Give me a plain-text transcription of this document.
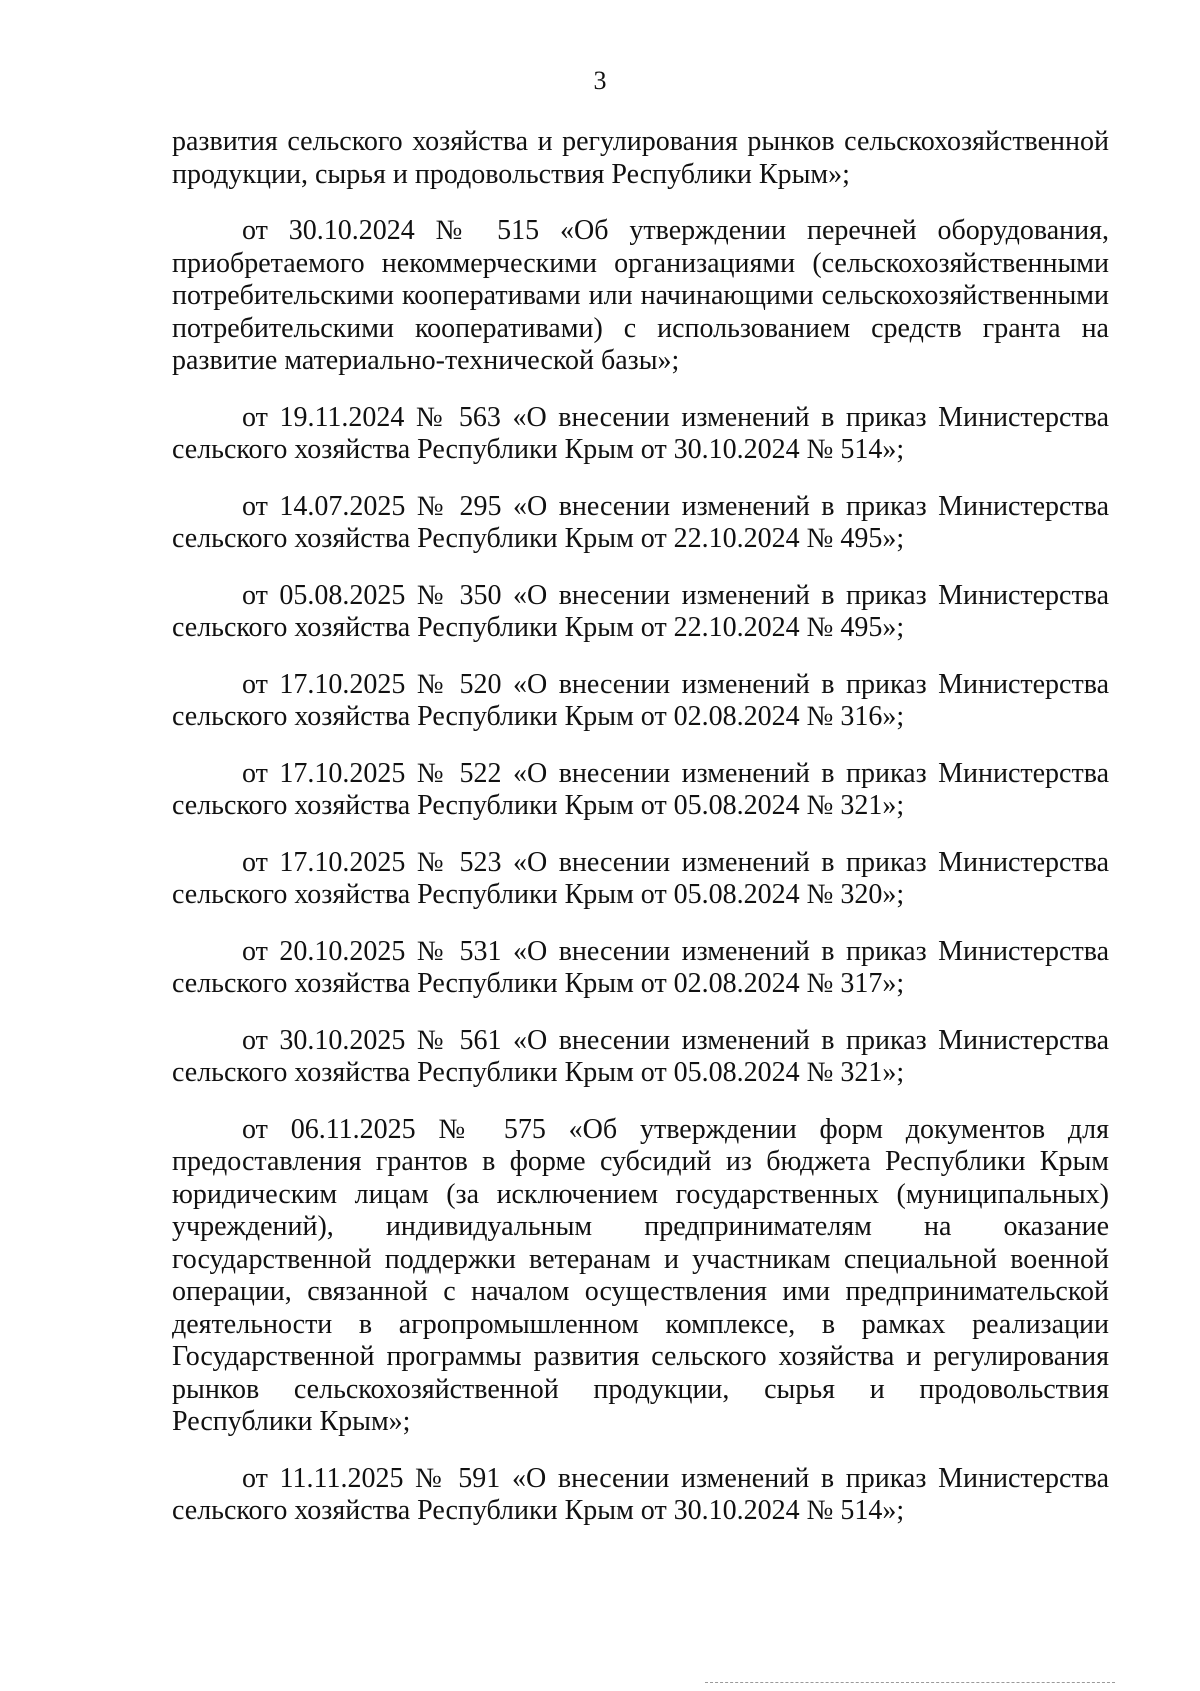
3

развития сельского хозяйства и регулирования рынков сельскохозяйственной продукции, сырья и продовольствия Республики Крым»;

от 30.10.2024 № 515 «Об утверждении перечней оборудования, приобретаемого некоммерческими организациями (сельскохозяйственными потребительскими кооперативами или начинающими сельскохозяйственными потребительскими кооперативами) с использованием средств гранта на развитие материально-технической базы»;

от 19.11.2024 № 563 «О внесении изменений в приказ Министерства сельского хозяйства Республики Крым от 30.10.2024 № 514»;

от 14.07.2025 № 295 «О внесении изменений в приказ Министерства сельского хозяйства Республики Крым от 22.10.2024 № 495»;

от 05.08.2025 № 350 «О внесении изменений в приказ Министерства сельского хозяйства Республики Крым от 22.10.2024 № 495»;

от 17.10.2025 № 520 «О внесении изменений в приказ Министерства сельского хозяйства Республики Крым от 02.08.2024 № 316»;

от 17.10.2025 № 522 «О внесении изменений в приказ Министерства сельского хозяйства Республики Крым от 05.08.2024 № 321»;

от 17.10.2025 № 523 «О внесении изменений в приказ Министерства сельского хозяйства Республики Крым от 05.08.2024 № 320»;

от 20.10.2025 № 531 «О внесении изменений в приказ Министерства сельского хозяйства Республики Крым от 02.08.2024 № 317»;

от 30.10.2025 № 561 «О внесении изменений в приказ Министерства сельского хозяйства Республики Крым от 05.08.2024 № 321»;

от 06.11.2025 № 575 «Об утверждении форм документов для предоставления грантов в форме субсидий из бюджета Республики Крым юридическим лицам (за исключением государственных (муниципальных) учреждений), индивидуальным предпринимателям на оказание государственной поддержки ветеранам и участникам специальной военной операции, связанной с началом осуществления ими предпринимательской деятельности в агропромышленном комплексе, в рамках реализации Государственной программы развития сельского хозяйства и регулирования рынков сельскохозяйственной продукции, сырья и продовольствия Республики Крым»;

от 11.11.2025 № 591 «О внесении изменений в приказ Министерства сельского хозяйства Республики Крым от 30.10.2024 № 514»;
